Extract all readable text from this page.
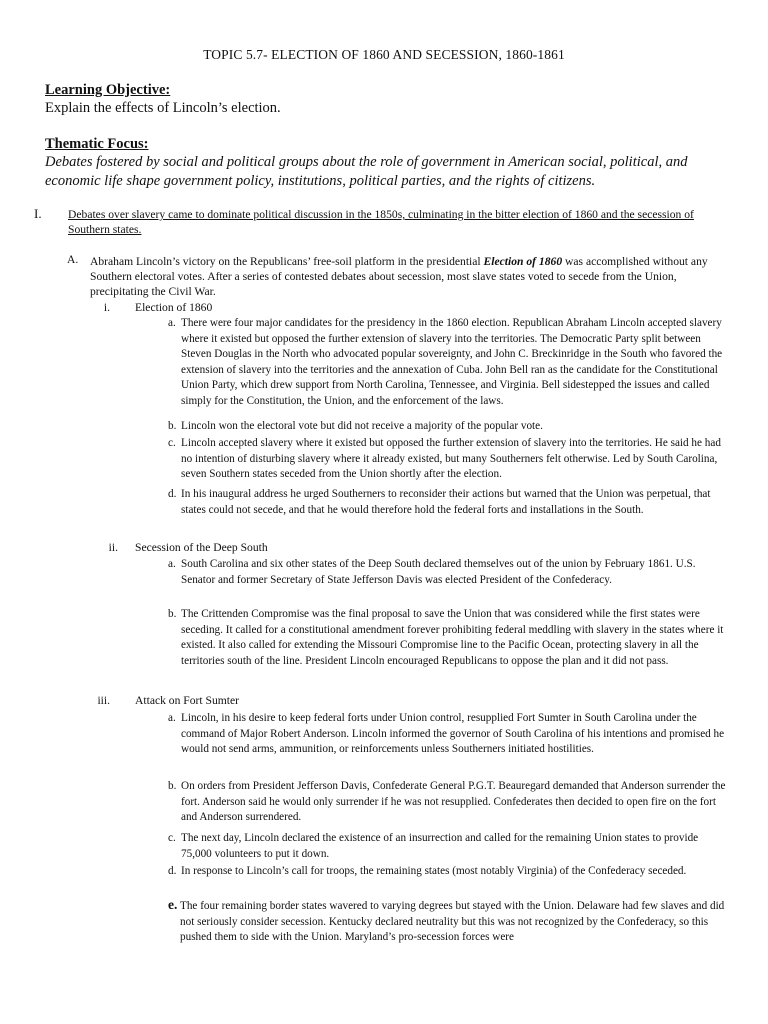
TOPIC 5.7- ELECTION OF 1860 AND SECESSION, 1860-1861
Learning Objective:
Explain the effects of Lincoln’s election.
Thematic Focus:
Debates fostered by social and political groups about the role of government in American social, political, and economic life shape government policy, institutions, political parties, and the rights of citizens.
I. Debates over slavery came to dominate political discussion in the 1850s, culminating in the bitter election of 1860 and the secession of Southern states.
A. Abraham Lincoln’s victory on the Republicans’ free-soil platform in the presidential Election of 1860 was accomplished without any Southern electoral votes. After a series of contested debates about secession, most slave states voted to secede from the Union, precipitating the Civil War.
i. Election of 1860
a. There were four major candidates for the presidency in the 1860 election. Republican Abraham Lincoln accepted slavery where it existed but opposed the further extension of slavery into the territories. The Democratic Party split between Steven Douglas in the North who advocated popular sovereignty, and John C. Breckinridge in the South who favored the extension of slavery into the territories and the annexation of Cuba. John Bell ran as the candidate for the Constitutional Union Party, which drew support from North Carolina, Tennessee, and Virginia. Bell sidestepped the issues and called simply for the Constitution, the Union, and the enforcement of the laws.
b. Lincoln won the electoral vote but did not receive a majority of the popular vote.
c. Lincoln accepted slavery where it existed but opposed the further extension of slavery into the territories. He said he had no intention of disturbing slavery where it already existed, but many Southerners felt otherwise. Led by South Carolina, seven Southern states seceded from the Union shortly after the election.
d. In his inaugural address he urged Southerners to reconsider their actions but warned that the Union was perpetual, that states could not secede, and that he would therefore hold the federal forts and installations in the South.
ii. Secession of the Deep South
a. South Carolina and six other states of the Deep South declared themselves out of the union by February 1861. U.S. Senator and former Secretary of State Jefferson Davis was elected President of the Confederacy.
b. The Crittenden Compromise was the final proposal to save the Union that was considered while the first states were seceding. It called for a constitutional amendment forever prohibiting federal meddling with slavery in the states where it existed. It also called for extending the Missouri Compromise line to the Pacific Ocean, protecting slavery in all the territories south of the line. President Lincoln encouraged Republicans to oppose the plan and it did not pass.
iii. Attack on Fort Sumter
a. Lincoln, in his desire to keep federal forts under Union control, resupplied Fort Sumter in South Carolina under the command of Major Robert Anderson. Lincoln informed the governor of South Carolina of his intentions and promised he would not send arms, ammunition, or reinforcements unless Southerners initiated hostilities.
b. On orders from President Jefferson Davis, Confederate General P.G.T. Beauregard demanded that Anderson surrender the fort. Anderson said he would only surrender if he was not resupplied. Confederates then decided to open fire on the fort and Anderson surrendered.
c. The next day, Lincoln declared the existence of an insurrection and called for the remaining Union states to provide 75,000 volunteers to put it down.
d. In response to Lincoln’s call for troops, the remaining states (most notably Virginia) of the Confederacy seceded.
e. The four remaining border states wavered to varying degrees but stayed with the Union. Delaware had few slaves and did not seriously consider secession. Kentucky declared neutrality but this was not recognized by the Confederacy, so this pushed them to side with the Union. Maryland’s pro-secession forces were
